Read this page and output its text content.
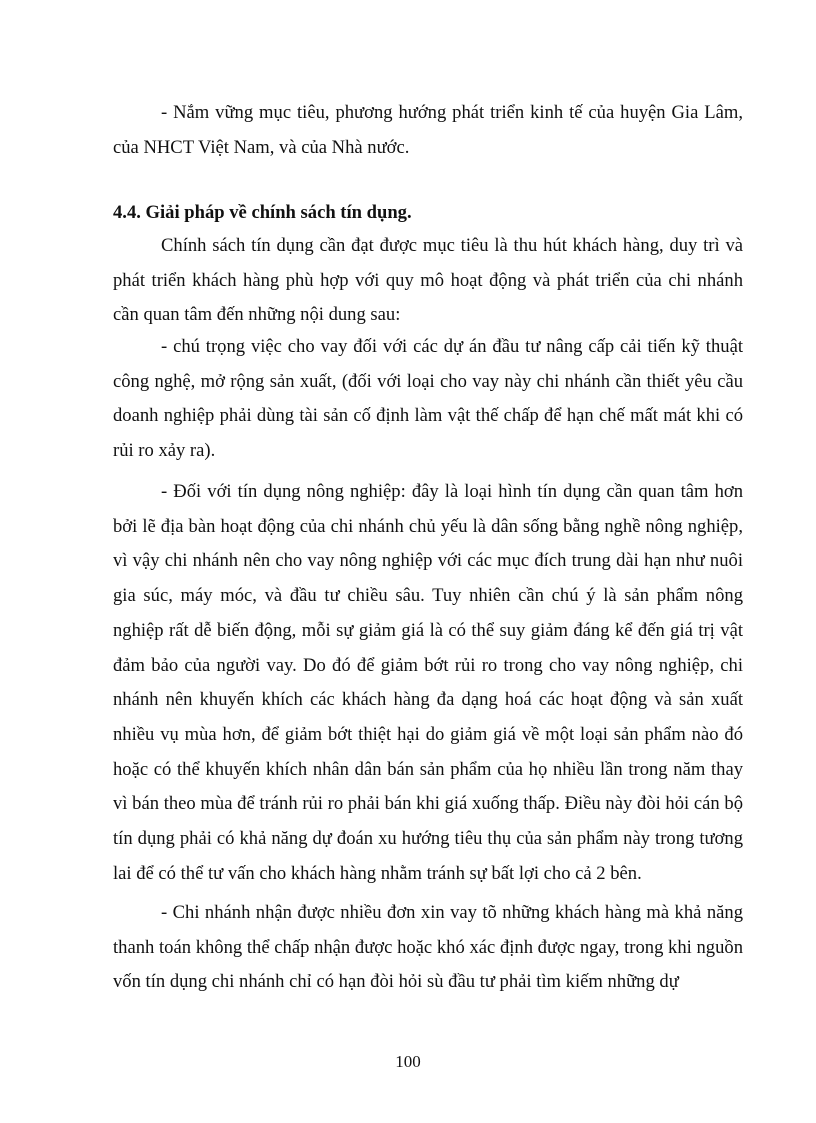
- Nắm vững mục tiêu, phương hướng phát triển kinh tế của huyện Gia Lâm, của NHCT Việt Nam, và của Nhà nước.

4.4. Giải pháp về chính sách tín dụng.

Chính sách tín dụng cần đạt được mục tiêu là thu hút khách hàng, duy trì và phát triển khách hàng phù hợp với quy mô hoạt động và phát triển của chi nhánh cần quan tâm đến những nội dung sau:

- chú trọng việc cho vay đối với các dự án đầu tư nâng cấp cải tiến kỹ thuật công nghệ, mở rộng sản xuất, (đối với loại cho vay này chi nhánh cần thiết yêu cầu doanh nghiệp phải dùng tài sản cố định làm vật thế chấp để hạn chế mất mát khi có rủi ro xảy ra).

- Đối với tín dụng nông nghiệp: đây là loại hình tín dụng cần quan tâm hơn bởi lẽ địa bàn hoạt động của chi nhánh chủ yếu là dân sống bằng nghề nông nghiệp, vì vậy chi nhánh nên cho vay nông nghiệp với các mục đích trung dài hạn như nuôi gia súc, máy móc, và đầu tư chiều sâu. Tuy nhiên cần chú ý là sản phẩm nông nghiệp rất dễ biến động, mỗi sự giảm giá là có thể suy giảm đáng kể đến giá trị vật đảm bảo của người vay. Do đó để giảm bớt rủi ro trong cho vay nông nghiệp, chi nhánh nên khuyến khích các khách hàng đa dạng hoá các hoạt động và sản xuất nhiều vụ mùa hơn, để giảm bớt thiệt hại do giảm giá về một loại sản phẩm nào đó hoặc có thể khuyến khích nhân dân bán sản phẩm của họ nhiều lần trong năm thay vì bán theo mùa để tránh rủi ro phải bán khi giá xuống thấp. Điều này đòi hỏi cán bộ tín dụng phải có khả năng dự đoán xu hướng tiêu thụ của sản phẩm này trong tương lai để có thể tư vấn cho khách hàng nhằm tránh sự bất lợi cho cả 2 bên.

- Chi nhánh nhận được nhiều đơn xin vay tõ những khách hàng mà khả năng thanh toán không thể chấp nhận được hoặc khó xác định được ngay, trong khi nguồn vốn tín dụng chi nhánh chỉ có hạn đòi hỏi sù đầu tư phải tìm kiếm những dự

100
